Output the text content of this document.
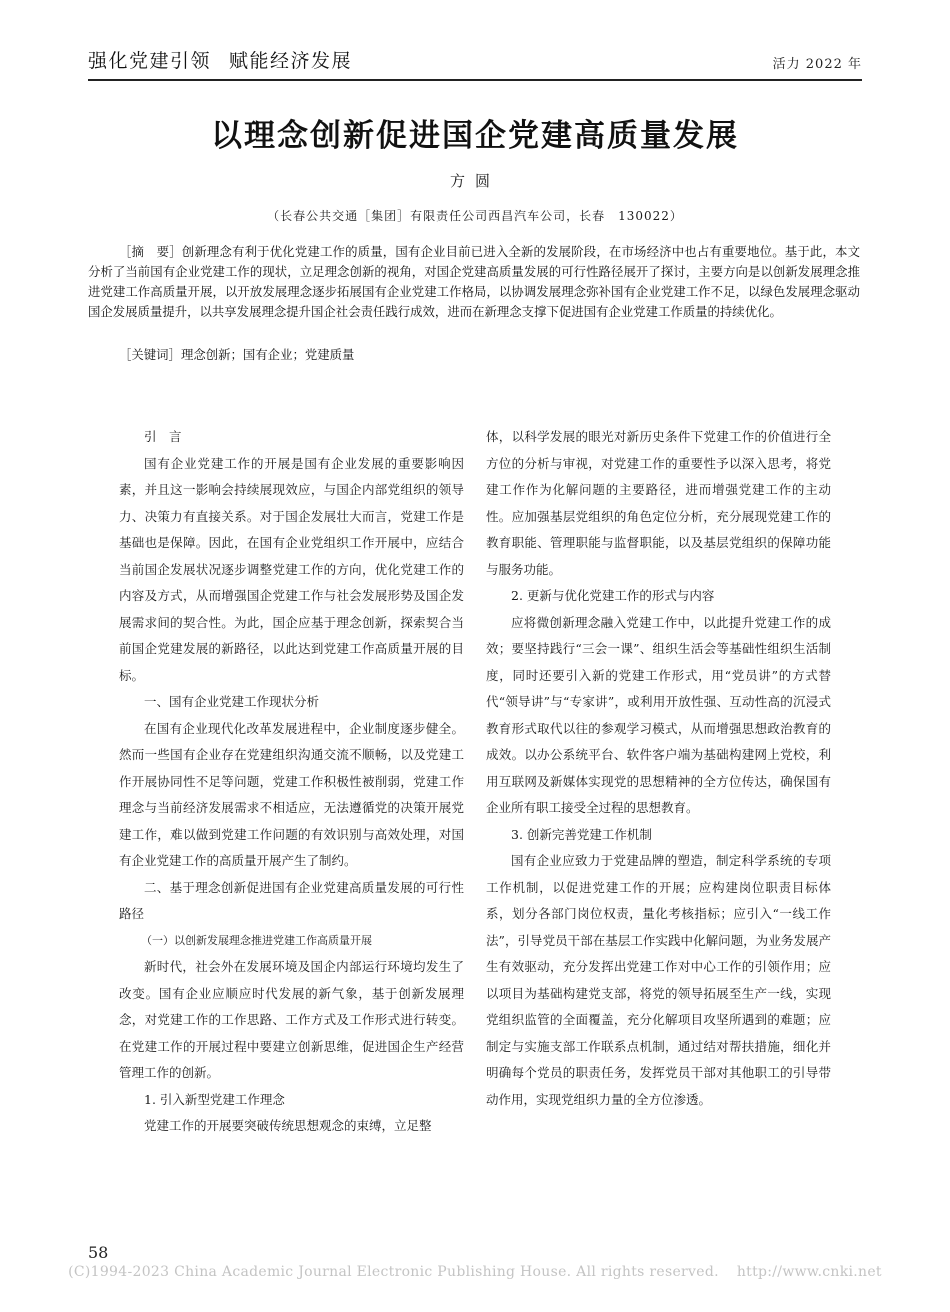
强化党建引领 赋能经济发展	活力 2022 年
以理念创新促进国企党建高质量发展
方圆
（长春公共交通［集团］有限责任公司西昌汽车公司，长春　130022）

［摘　要］创新理念有利于优化党建工作的质量，国有企业目前已进入全新的发展阶段，在市场经济中也占有重要地位。基于此，本文分析了当前国有企业党建工作的现状，立足理念创新的视角，对国企党建高质量发展的可行性路径展开了探讨，主要方向是以创新发展理念推进党建工作高质量开展，以开放发展理念逐步拓展国有企业党建工作格局，以协调发展理念弥补国有企业党建工作不足，以绿色发展理念驱动国企发展质量提升，以共享发展理念提升国企社会责任践行成效，进而在新理念支撑下促进国有企业党建工作质量的持续优化。

［关键词］理念创新；国有企业；党建质量

引　言

国有企业党建工作的开展是国有企业发展的重要影响因素，并且这一影响会持续展现效应，与国企内部党组织的领导力、决策力有直接关系。对于国企发展壮大而言，党建工作是基础也是保障。因此，在国有企业党组织工作开展中，应结合当前国企发展状况逐步调整党建工作的方向，优化党建工作的内容及方式，从而增强国企党建工作与社会发展形势及国企发展需求间的契合性。为此，国企应基于理念创新，探索契合当前国企党建发展的新路径，以此达到党建工作高质量开展的目标。

一、国有企业党建工作现状分析

在国有企业现代化改革发展进程中，企业制度逐步健全。然而一些国有企业存在党建组织沟通交流不顺畅，以及党建工作开展协同性不足等问题，党建工作积极性被削弱，党建工作理念与当前经济发展需求不相适应，无法遵循党的决策开展党建工作，难以做到党建工作问题的有效识别与高效处理，对国有企业党建工作的高质量开展产生了制约。

二、基于理念创新促进国有企业党建高质量发展的可行性路径

（一）以创新发展理念推进党建工作高质量开展

新时代，社会外在发展环境及国企内部运行环境均发生了改变。国有企业应顺应时代发展的新气象，基于创新发展理念，对党建工作的工作思路、工作方式及工作形式进行转变。在党建工作的开展过程中要建立创新思维，促进国企生产经营管理工作的创新。

1. 引入新型党建工作理念

党建工作的开展要突破传统思想观念的束缚，立足整

体，以科学发展的眼光对新历史条件下党建工作的价值进行全方位的分析与审视，对党建工作的重要性予以深入思考，将党建工作作为化解问题的主要路径，进而增强党建工作的主动性。应加强基层党组织的角色定位分析，充分展现党建工作的教育职能、管理职能与监督职能，以及基层党组织的保障功能与服务功能。

2. 更新与优化党建工作的形式与内容

应将微创新理念融入党建工作中，以此提升党建工作的成效；要坚持践行“三会一课”、组织生活会等基础性组织生活制度，同时还要引入新的党建工作形式，用“党员讲”的方式替代“领导讲”与“专家讲”，或利用开放性强、互动性高的沉浸式教育形式取代以往的参观学习模式，从而增强思想政治教育的成效。以办公系统平台、软件客户端为基础构建网上党校，利用互联网及新媒体实现党的思想精神的全方位传达，确保国有企业所有职工接受全过程的思想教育。

3. 创新完善党建工作机制

国有企业应致力于党建品牌的塑造，制定科学系统的专项工作机制，以促进党建工作的开展；应构建岗位职责目标体系，划分各部门岗位权责，量化考核指标；应引入“一线工作法”，引导党员干部在基层工作实践中化解问题，为业务发展产生有效驱动，充分发挥出党建工作对中心工作的引领作用；应以项目为基础构建党支部，将党的领导拓展至生产一线，实现党组织监管的全面覆盖，充分化解项目攻坚所遇到的难题；应制定与实施支部工作联系点机制，通过结对帮扶措施，细化并明确每个党员的职责任务，发挥党员干部对其他职工的引导带动作用，实现党组织力量的全方位渗透。

58
(C)1994-2023 China Academic Journal Electronic Publishing House. All rights reserved. http://www.cnki.net
